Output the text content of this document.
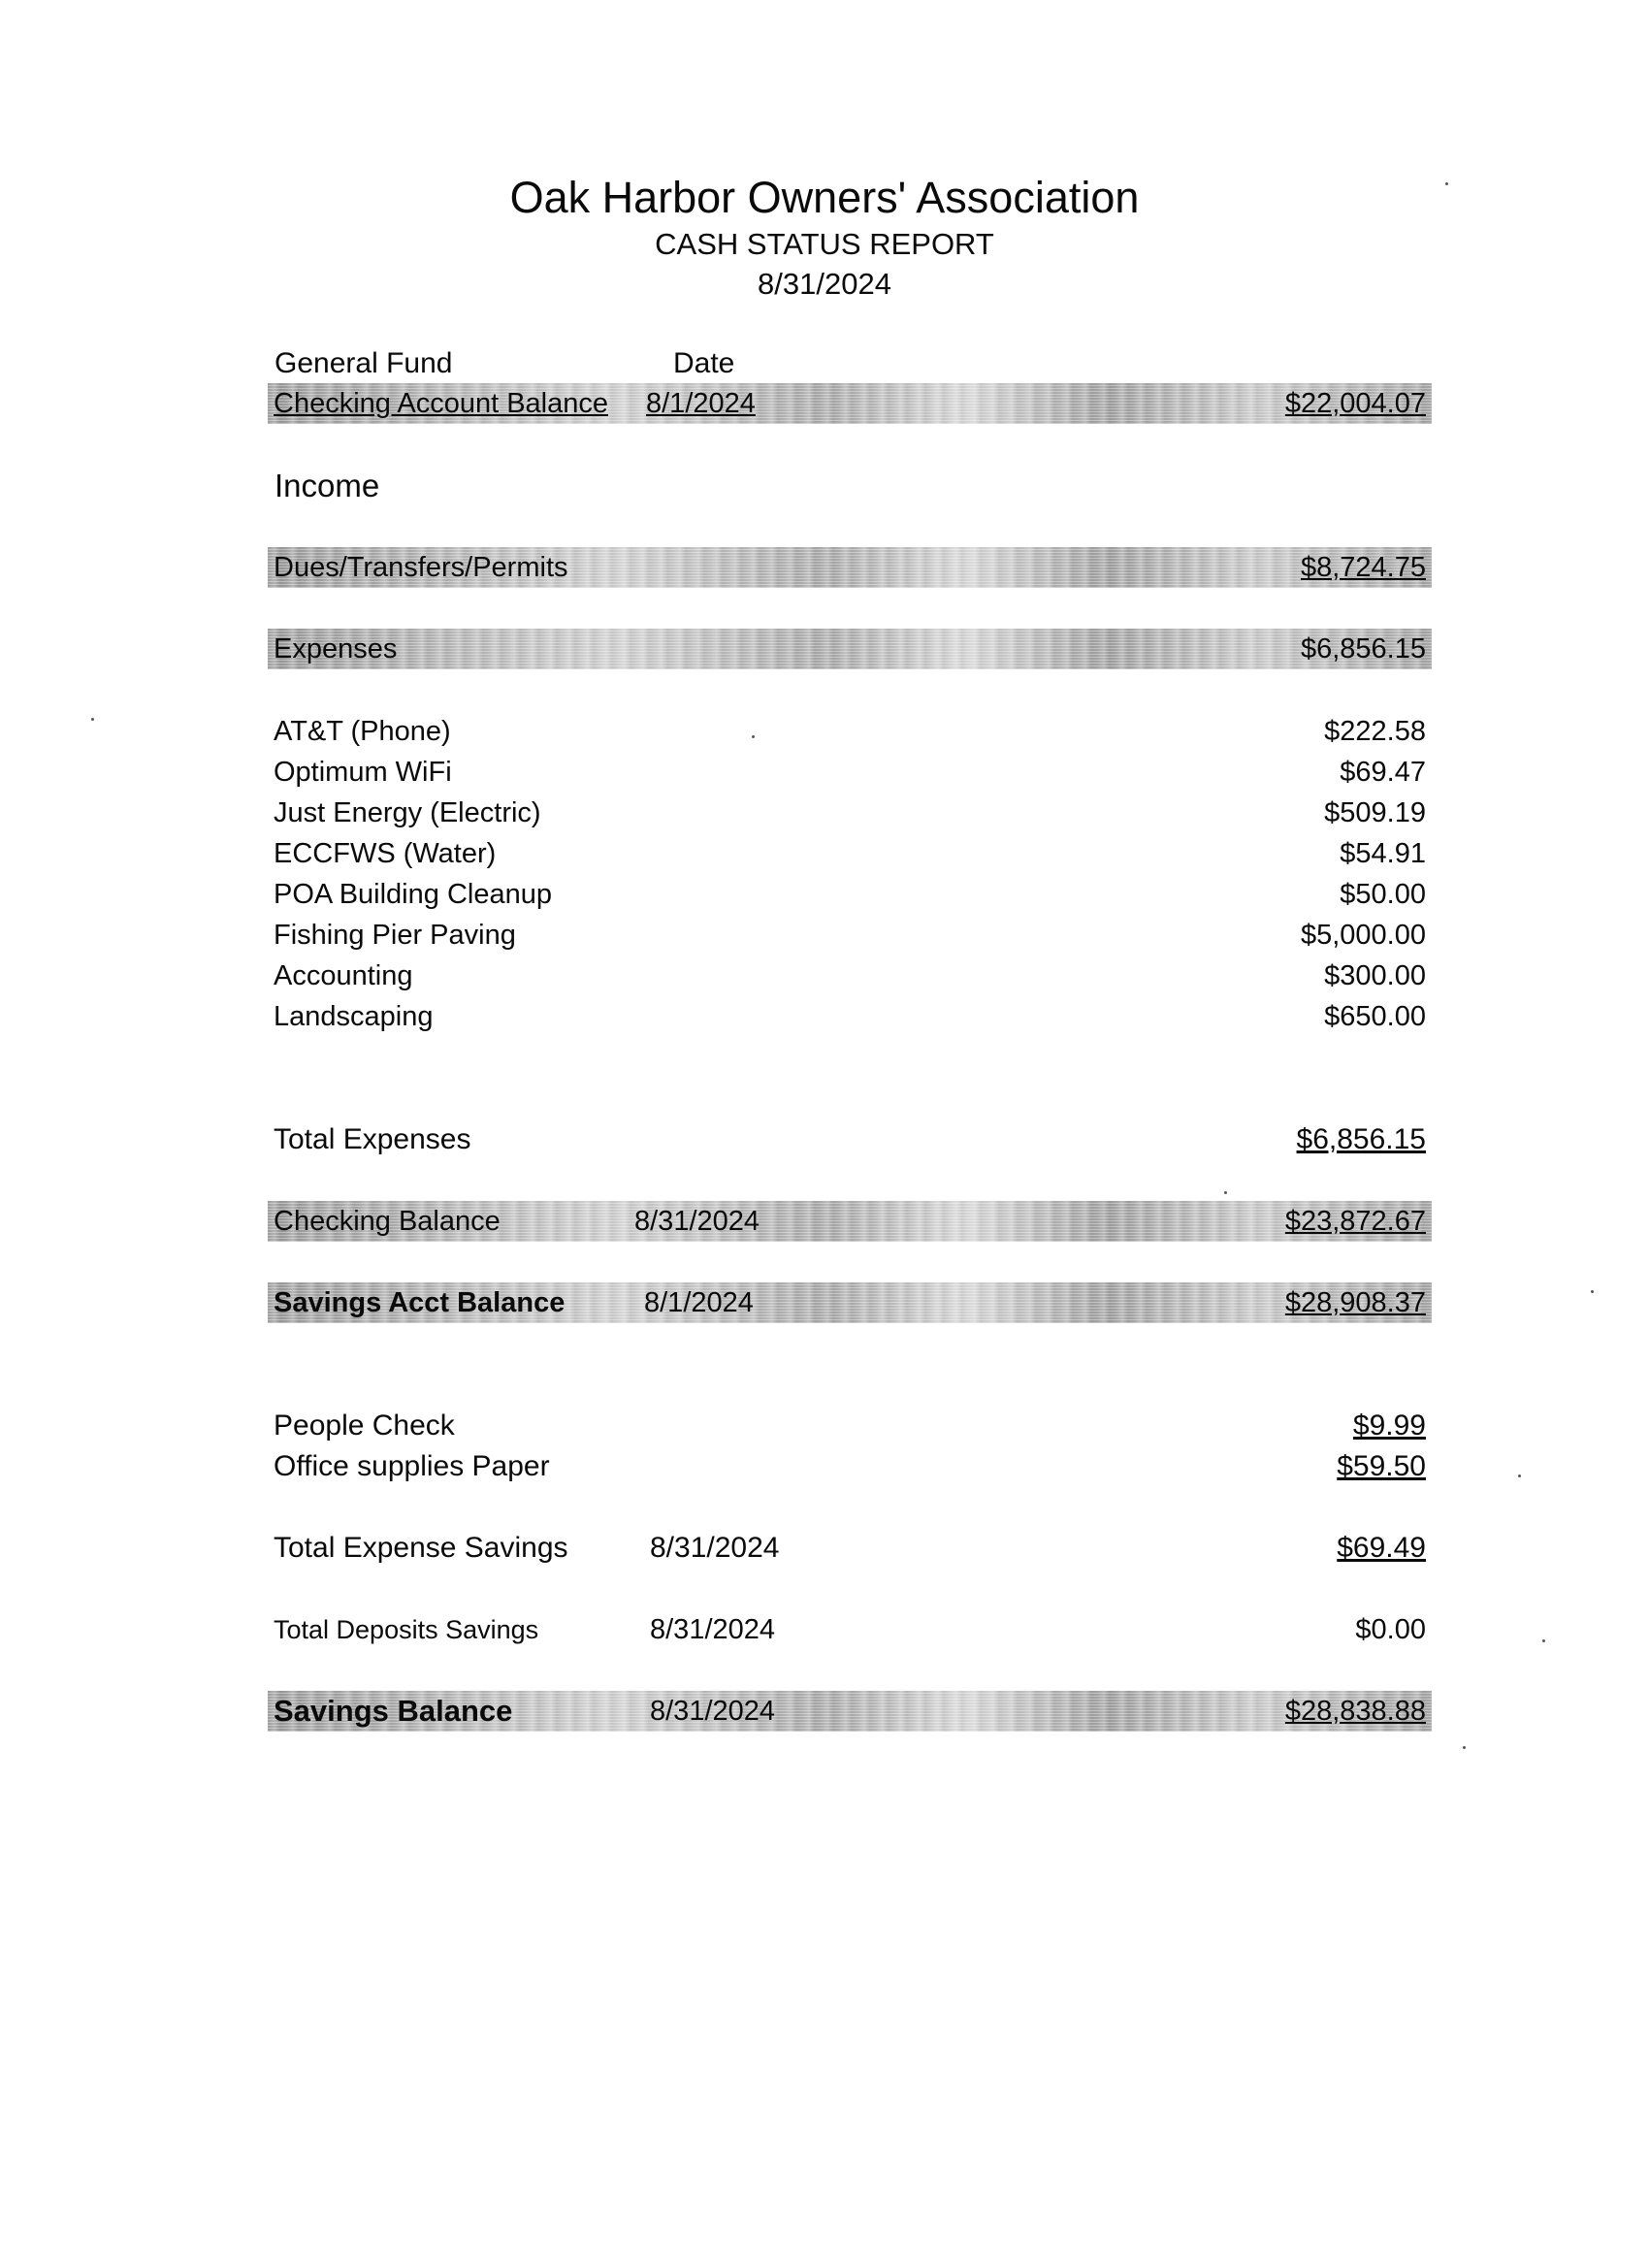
Oak Harbor Owners' Association
CASH STATUS REPORT
8/31/2024
General Fund	Date
Checking Account Balance 8/1/2024	$22,004.07
Income
Dues/Transfers/Permits	$8,724.75
Expenses	$6,856.15
AT&T (Phone)	$222.58
Optimum WiFi	$69.47
Just Energy (Electric)	$509.19
ECCFWS (Water)	$54.91
POA Building Cleanup	$50.00
Fishing Pier Paving	$5,000.00
Accounting	$300.00
Landscaping	$650.00
Total Expenses	$6,856.15
Checking Balance	8/31/2024	$23,872.67
Savings Acct Balance	8/1/2024	$28,908.37
People Check	$9.99
Office supplies Paper	$59.50
Total Expense Savings	8/31/2024	$69.49
Total Deposits Savings	8/31/2024	$0.00
Savings Balance	8/31/2024	$28,838.88
